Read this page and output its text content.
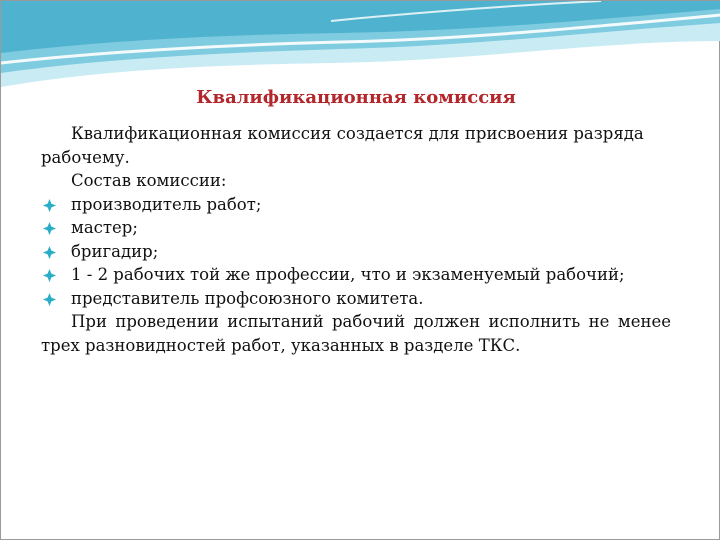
Квалификационная комиссия

Квалификационная комиссия создается для присвоения разряда рабочему.

Состав комиссии:

производитель работ;
мастер;
бригадир;
1 - 2 рабочих той же профессии, что и экзаменуемый рабочий;
представитель профсоюзного комитета.

При проведении испытаний рабочий должен исполнить не менее трех разновидностей работ, указанных в разделе ТКС.
